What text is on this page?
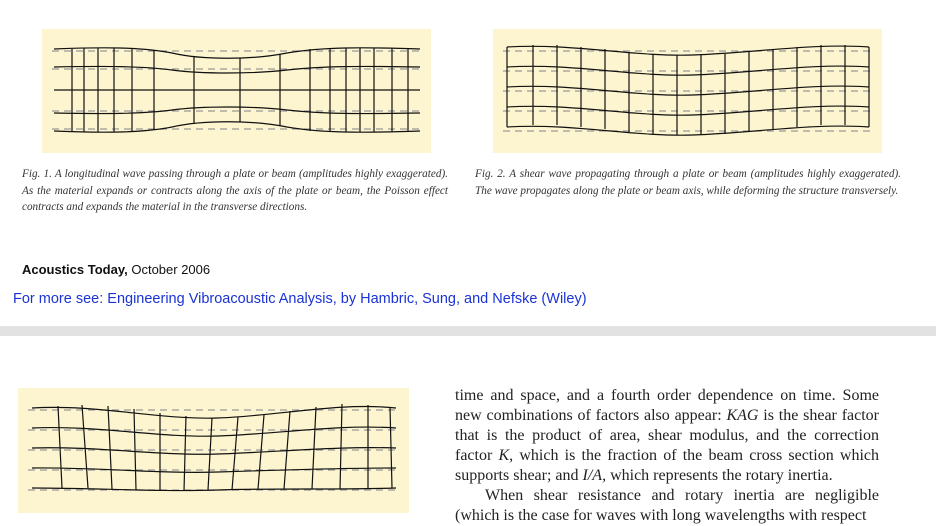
Fig. 1. A longitudinal wave passing through a plate or beam (amplitudes highly exaggerated). As the material expands or contracts along the axis of the plate or beam, the Poisson effect contracts and expands the material in the transverse directions.
Fig. 2. A shear wave propagating through a plate or beam (amplitudes highly exaggerated). The wave propagates along the plate or beam axis, while deforming the structure transversely.
Acoustics Today, October 2006
For more see: Engineering Vibroacoustic Analysis, by Hambric, Sung, and Nefske (Wiley)

time and space, and a fourth order dependence on time. Some new combinations of factors also appear: KAG is the shear factor that is the product of area, shear modulus, and the correction factor K, which is the fraction of the beam cross section which supports shear; and I/A, which represents the rotary inertia.

When shear resistance and rotary inertia are negligible (which is the case for waves with long wavelengths with respect
